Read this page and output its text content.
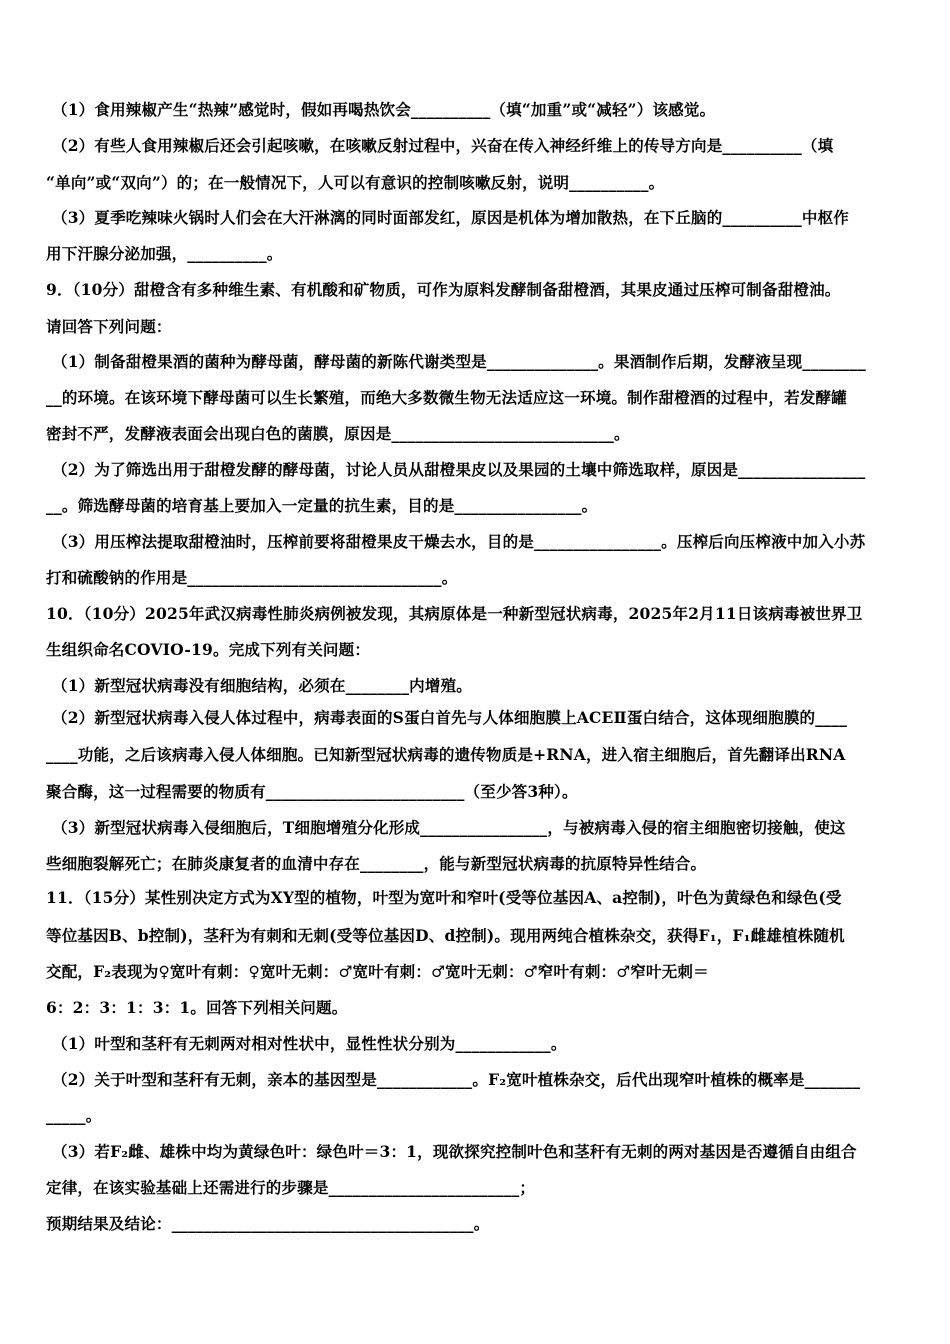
（1）食用辣椒产生“热辣”感觉时，假如再喝热饮会__________（填“加重”或“减轻”）该感觉。
（2）有些人食用辣椒后还会引起咳嗽，在咳嗽反射过程中，兴奋在传入神经纤维上的传导方向是__________（填
“单向”或“双向”）的；在一般情况下，人可以有意识的控制咳嗽反射，说明__________。
（3）夏季吃辣味火锅时人们会在大汗淋漓的同时面部发红，原因是机体为增加散热，在下丘脑的__________中枢作
用下汗腺分泌加强，__________。
9．（10分）甜橙含有多种维生素、有机酸和矿物质，可作为原料发酵制备甜橙酒，其果皮通过压榨可制备甜橙油。
请回答下列问题：
（1）制备甜橙果酒的菌种为酵母菌，酵母菌的新陈代谢类型是______________。果酒制作后期，发酵液呈现________
__的环境。在该环境下酵母菌可以生长繁殖，而绝大多数微生物无法适应这一环境。制作甜橙酒的过程中，若发酵罐
密封不严，发酵液表面会出现白色的菌膜，原因是____________________________。
（2）为了筛选出用于甜橙发酵的酵母菌，讨论人员从甜橙果皮以及果园的土壤中筛选取样，原因是________________
__。筛选酵母菌的培育基上要加入一定量的抗生素，目的是________________。
（3）用压榨法提取甜橙油时，压榨前要将甜橙果皮干燥去水，目的是________________。压榨后向压榨液中加入小苏
打和硫酸钠的作用是________________________________。
10．（10分）2025年武汉病毒性肺炎病例被发现，其病原体是一种新型冠状病毒，2025年2月11日该病毒被世界卫
生组织命名COVIO-19。完成下列有关问题：
（1）新型冠状病毒没有细胞结构，必须在________内增殖。
（2）新型冠状病毒入侵人体过程中，病毒表面的S蛋白首先与人体细胞膜上ACEⅡ蛋白结合，这体现细胞膜的____
____功能，之后该病毒入侵人体细胞。已知新型冠状病毒的遗传物质是+RNA，进入宿主细胞后，首先翻译出RNA
聚合酶，这一过程需要的物质有_________________________（至少答3种）。
（3）新型冠状病毒入侵细胞后，T细胞增殖分化形成________________，与被病毒入侵的宿主细胞密切接触，使这
些细胞裂解死亡；在肺炎康复者的血清中存在________，能与新型冠状病毒的抗原特异性结合。
11．（15分）某性别决定方式为XY型的植物，叶型为宽叶和窄叶(受等位基因A、a控制)，叶色为黄绿色和绿色(受
等位基因B、b控制)，茎秆为有刺和无刺(受等位基因D、d控制)。现用两纯合植株杂交，获得F₁，F₁雌雄植株随机
交配，F₂表现为♀宽叶有刺：♀宽叶无刺：♂宽叶有刺：♂宽叶无刺：♂窄叶有刺：♂窄叶无刺＝
6：2：3：1：3：1。回答下列相关问题。
（1）叶型和茎秆有无刺两对相对性状中，显性性状分别为____________。
（2）关于叶型和茎秆有无刺，亲本的基因型是____________。F₂宽叶植株杂交，后代出现窄叶植株的概率是_______
_____。
（3）若F₂雌、雄株中均为黄绿色叶：绿色叶＝3：1，现欲探究控制叶色和茎秆有无刺的两对基因是否遵循自由组合
定律，在该实验基础上还需进行的步骤是________________________；
预期结果及结论：______________________________________。
